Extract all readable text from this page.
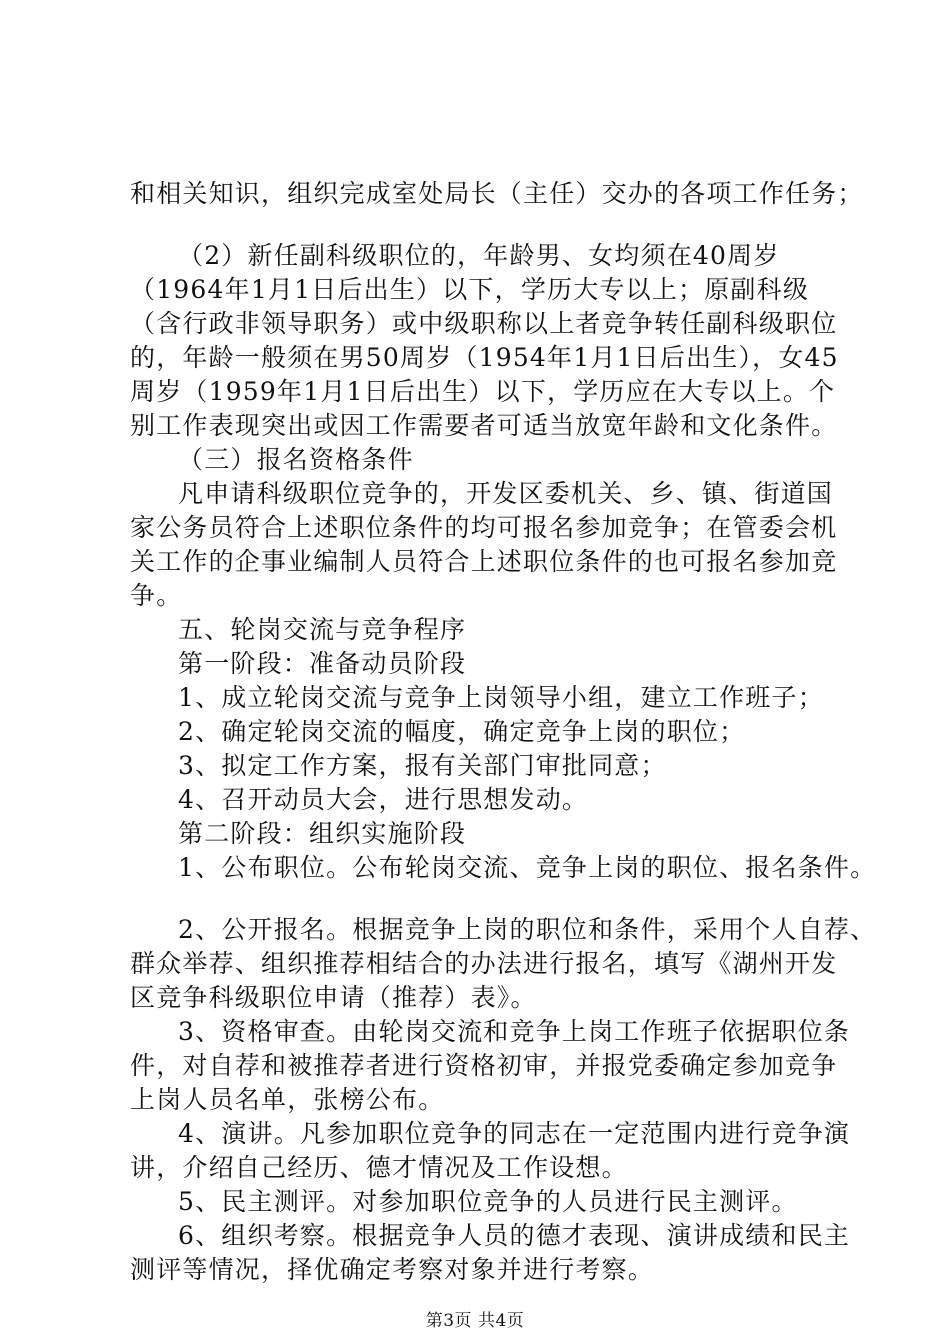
和相关知识，组织完成室处局长（主任）交办的各项工作任务；
（2）新任副科级职位的，年龄男、女均须在40周岁
（1964年1月1日后出生）以下，学历大专以上；原副科级
（含行政非领导职务）或中级职称以上者竞争转任副科级职位
的，年龄一般须在男50周岁（1954年1月1日后出生），女45
周岁（1959年1月1日后出生）以下，学历应在大专以上。个
别工作表现突出或因工作需要者可适当放宽年龄和文化条件。
（三）报名资格条件
凡申请科级职位竞争的，开发区委机关、乡、镇、街道国
家公务员符合上述职位条件的均可报名参加竞争；在管委会机
关工作的企事业编制人员符合上述职位条件的也可报名参加竞
争。
五、轮岗交流与竞争程序
第一阶段：准备动员阶段
1、成立轮岗交流与竞争上岗领导小组，建立工作班子；
2、确定轮岗交流的幅度，确定竞争上岗的职位；
3、拟定工作方案，报有关部门审批同意；
4、召开动员大会，进行思想发动。
第二阶段：组织实施阶段
1、公布职位。公布轮岗交流、竞争上岗的职位、报名条件。
2、公开报名。根据竞争上岗的职位和条件，采用个人自荐、
群众举荐、组织推荐相结合的办法进行报名，填写《湖州开发
区竞争科级职位申请（推荐）表》。
3、资格审查。由轮岗交流和竞争上岗工作班子依据职位条
件，对自荐和被推荐者进行资格初审，并报党委确定参加竞争
上岗人员名单，张榜公布。
4、演讲。凡参加职位竞争的同志在一定范围内进行竞争演
讲，介绍自己经历、德才情况及工作设想。
5、民主测评。对参加职位竞争的人员进行民主测评。
6、组织考察。根据竞争人员的德才表现、演讲成绩和民主
测评等情况，择优确定考察对象并进行考察。
第3页 共4页
